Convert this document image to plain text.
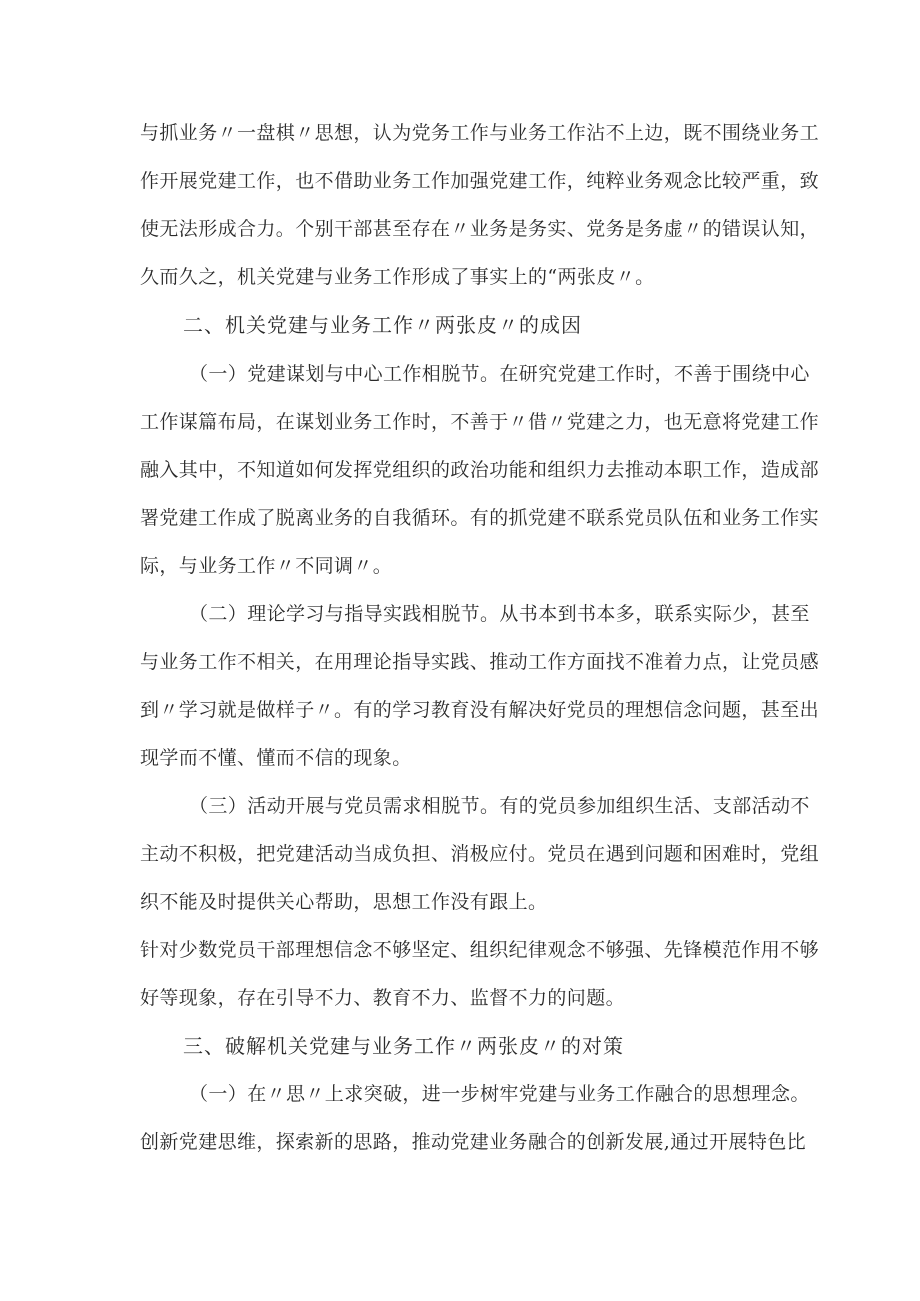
与抓业务〃一盘棋〃思想，认为党务工作与业务工作沾不上边，既不围绕业务工
作开展党建工作，也不借助业务工作加强党建工作，纯粹业务观念比较严重，致
使无法形成合力。个别干部甚至存在〃业务是务实、党务是务虚〃的错误认知，
久而久之，机关党建与业务工作形成了事实上的“两张皮〃。
二、机关党建与业务工作〃两张皮〃的成因
（一）党建谋划与中心工作相脱节。在研究党建工作时，不善于围绕中心
工作谋篇布局，在谋划业务工作时，不善于〃借〃党建之力，也无意将党建工作
融入其中，不知道如何发挥党组织的政治功能和组织力去推动本职工作，造成部
署党建工作成了脱离业务的自我循环。有的抓党建不联系党员队伍和业务工作实
际，与业务工作〃不同调〃。
（二）理论学习与指导实践相脱节。从书本到书本多，联系实际少，甚至
与业务工作不相关，在用理论指导实践、推动工作方面找不准着力点，让党员感
到〃学习就是做样子〃。有的学习教育没有解决好党员的理想信念问题，甚至出
现学而不懂、懂而不信的现象。
（三）活动开展与党员需求相脱节。有的党员参加组织生活、支部活动不
主动不积极，把党建活动当成负担、消极应付。党员在遇到问题和困难时，党组
织不能及时提供关心帮助，思想工作没有跟上。
针对少数党员干部理想信念不够坚定、组织纪律观念不够强、先锋模范作用不够
好等现象，存在引导不力、教育不力、监督不力的问题。
三、破解机关党建与业务工作〃两张皮〃的对策
（一）在〃思〃上求突破，进一步树牢党建与业务工作融合的思想理念。
创新党建思维，探索新的思路，推动党建业务融合的创新发展,通过开展特色比
